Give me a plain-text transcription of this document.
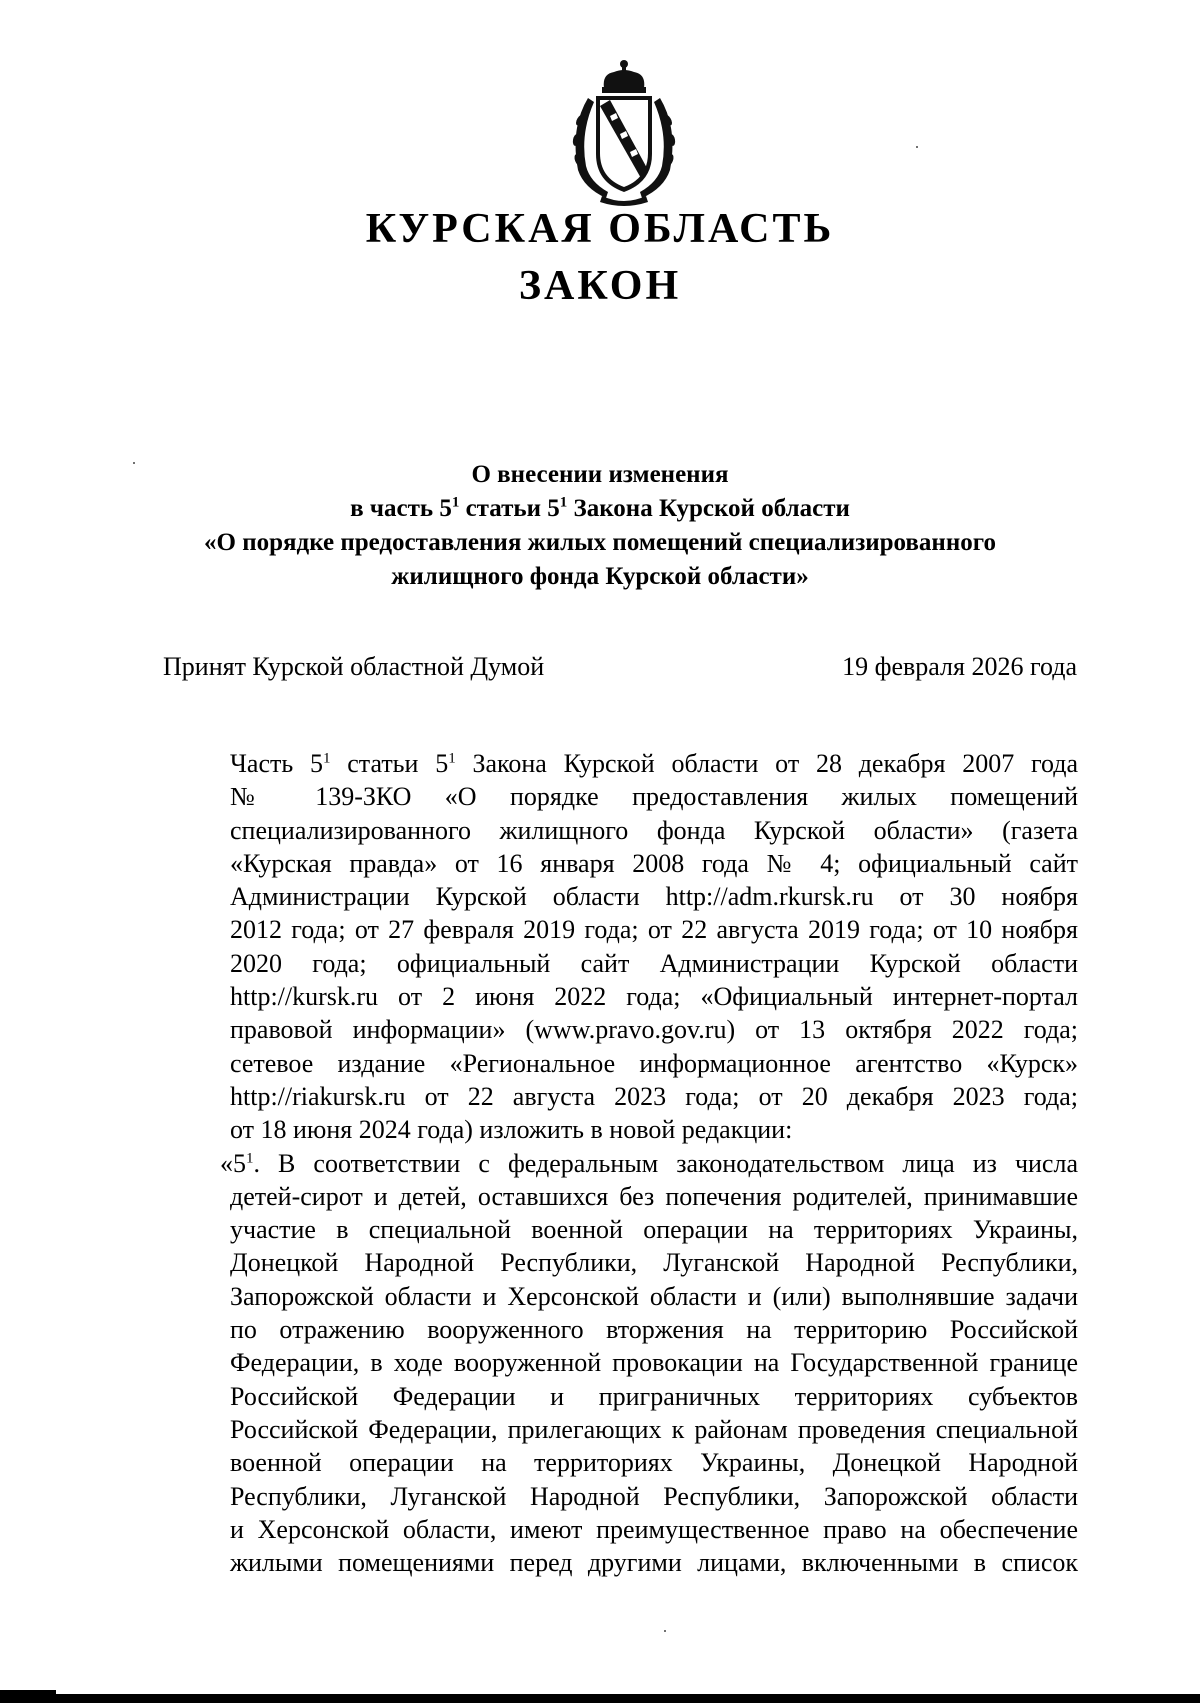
КУРСКАЯ ОБЛАСТЬ
ЗАКОН
О внесении изменения
в часть $5^1$ статьи $5^1$ Закона Курской области
«О порядке предоставления жилых помещений специализированного
жилищного фонда Курской области»
Принят Курской областной Думой	19 февраля 2026 года

Часть $5^1$ статьи $5^1$ Закона Курской области от 28 декабря 2007 года
№ 139-ЗКО «О порядке предоставления жилых помещений
специализированного жилищного фонда Курской области» (газета
«Курская правда» от 16 января 2008 года № 4; официальный сайт
Администрации Курской области http://adm.rkursk.ru от 30 ноября
2012 года; от 27 февраля 2019 года; от 22 августа 2019 года; от 10 ноября
2020 года; официальный сайт Администрации Курской области
http://kursk.ru от 2 июня 2022 года; «Официальный интернет-портал
правовой информации» (www.pravo.gov.ru) от 13 октября 2022 года;
сетевое издание «Региональное информационное агентство «Курск»
http://riakursk.ru от 22 августа 2023 года; от 20 декабря 2023 года;
от 18 июня 2024 года) изложить в новой редакции:

«$5^1$. В соответствии с федеральным законодательством лица из числа
детей-сирот и детей, оставшихся без попечения родителей, принимавшие
участие в специальной военной операции на территориях Украины,
Донецкой Народной Республики, Луганской Народной Республики,
Запорожской области и Херсонской области и (или) выполнявшие задачи
по отражению вооруженного вторжения на территорию Российской
Федерации, в ходе вооруженной провокации на Государственной границе
Российской Федерации и приграничных территориях субъектов
Российской Федерации, прилегающих к районам проведения специальной
военной операции на территориях Украины, Донецкой Народной
Республики, Луганской Народной Республики, Запорожской области
и Херсонской области, имеют преимущественное право на обеспечение
жилыми помещениями перед другими лицами, включенными в список
